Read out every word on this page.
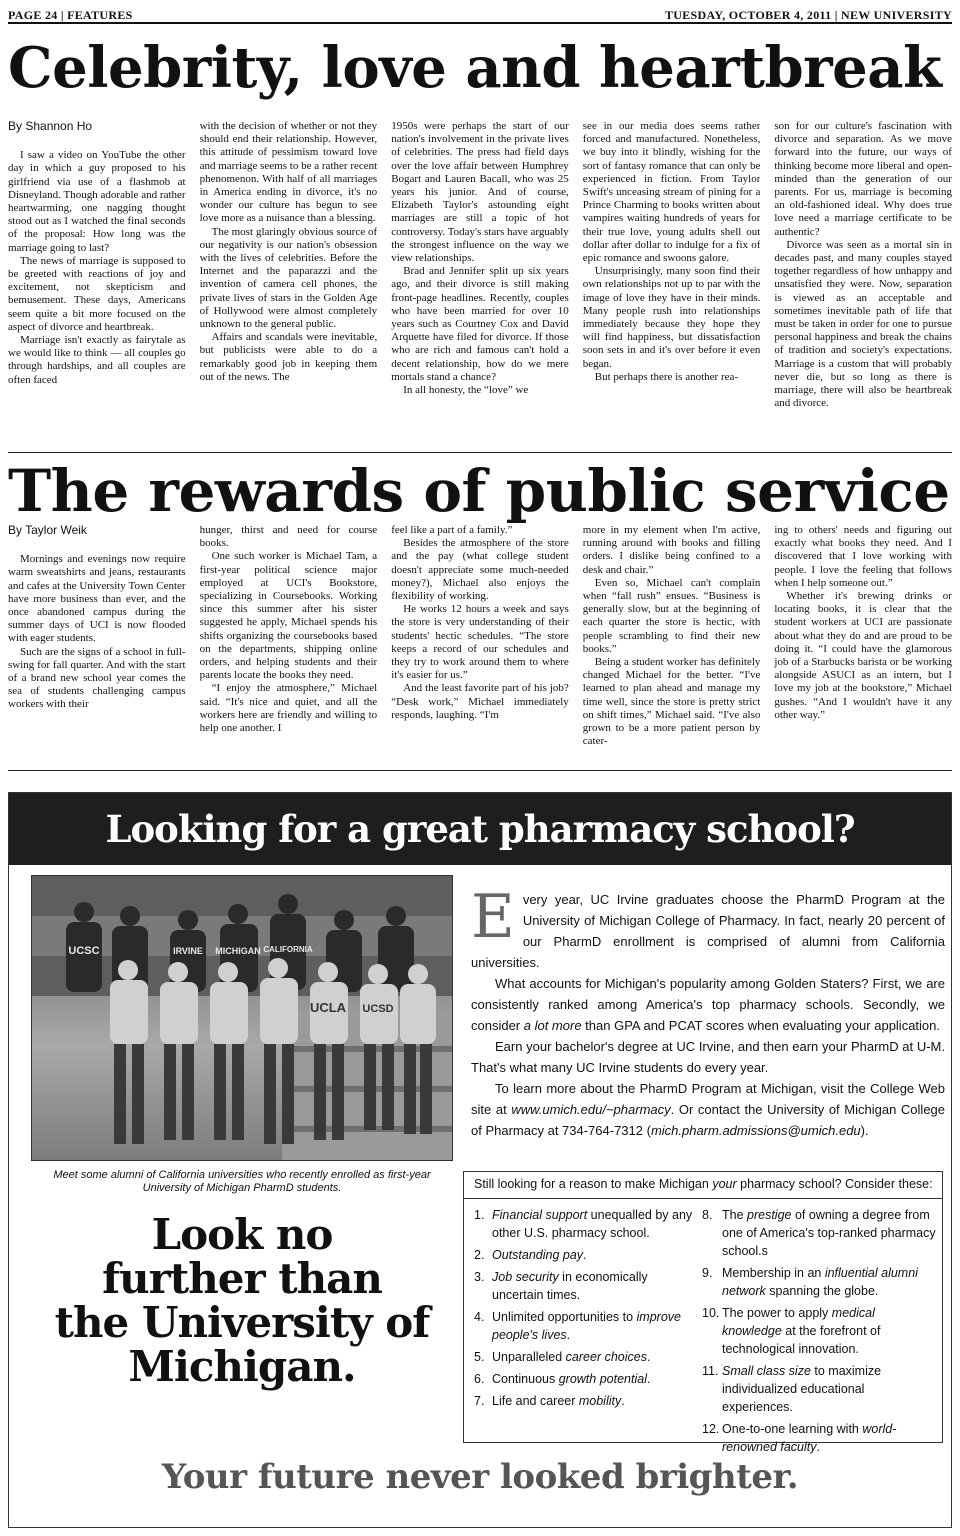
PAGE 24 | FEATURES	TUESDAY, OCTOBER 4, 2011 | NEW UNIVERSITY
Celebrity, love and heartbreak
By Shannon Ho

I saw a video on YouTube the other day in which a guy proposed to his girlfriend via use of a flashmob at Disneyland. Though adorable and rather heartwarming, one nagging thought stood out as I watched the final seconds of the proposal: How long was the marriage going to last?

The news of marriage is supposed to be greeted with reactions of joy and excitement, not skepticism and bemusement. These days, Americans seem quite a bit more focused on the aspect of divorce and heartbreak.

Marriage isn't exactly as fairytale as we would like to think — all couples go through hardships, and all couples are often faced

with the decision of whether or not they should end their relationship. However, this attitude of pessimism toward love and marriage seems to be a rather recent phenomenon. With half of all marriages in America ending in divorce, it's no wonder our culture has begun to see love more as a nuisance than a blessing.

The most glaringly obvious source of our negativity is our nation's obsession with the lives of celebrities. Before the Internet and the paparazzi and the invention of camera cell phones, the private lives of stars in the Golden Age of Hollywood were almost completely unknown to the general public.

Affairs and scandals were inevitable, but publicists were able to do a remarkably good job in keeping them out of the news. The

1950s were perhaps the start of our nation's involvement in the private lives of celebrities. The press had field days over the love affair between Humphrey Bogart and Lauren Bacall, who was 25 years his junior. And of course, Elizabeth Taylor's astounding eight marriages are still a topic of hot controversy. Today's stars have arguably the strongest influence on the way we view relationships.

Brad and Jennifer split up six years ago, and their divorce is still making front-page headlines. Recently, couples who have been married for over 10 years such as Courtney Cox and David Arquette have filed for divorce. If those who are rich and famous can't hold a decent relationship, how do we mere mortals stand a chance?

In all honesty, the “love” we

see in our media does seems rather forced and manufactured. Nonetheless, we buy into it blindly, wishing for the sort of fantasy romance that can only be experienced in fiction. From Taylor Swift's unceasing stream of pining for a Prince Charming to books written about vampires waiting hundreds of years for their true love, young adults shell out dollar after dollar to indulge for a fix of epic romance and swoons galore.

Unsurprisingly, many soon find their own relationships not up to par with the image of love they have in their minds. Many people rush into relationships immediately because they hope they will find happiness, but dissatisfaction soon sets in and it's over before it even began.

But perhaps there is another rea-

son for our culture's fascination with divorce and separation. As we move forward into the future, our ways of thinking become more liberal and open-minded than the generation of our parents. For us, marriage is becoming an old-fashioned ideal. Why does true love need a marriage certificate to be authentic?

Divorce was seen as a mortal sin in decades past, and many couples stayed together regardless of how unhappy and unsatisfied they were. Now, separation is viewed as an acceptable and sometimes inevitable path of life that must be taken in order for one to pursue personal happiness and break the chains of tradition and society's expectations. Marriage is a custom that will probably never die, but so long as there is marriage, there will also be heartbreak and divorce.

The rewards of public service
By Taylor Weik

Mornings and evenings now require warm sweatshirts and jeans, restaurants and cafes at the University Town Center have more business than ever, and the once abandoned campus during the summer days of UCI is now flooded with eager students.

Such are the signs of a school in full-swing for fall quarter. And with the start of a brand new school year comes the sea of students challenging campus workers with their

hunger, thirst and need for course books.

One such worker is Michael Tam, a first-year political science major employed at UCI's Bookstore, specializing in Coursebooks. Working since this summer after his sister suggested he apply, Michael spends his shifts organizing the coursebooks based on the departments, shipping online orders, and helping students and their parents locate the books they need.

“I enjoy the atmosphere,” Michael said. “It's nice and quiet, and all the workers here are friendly and willing to help one another. I

feel like a part of a family.”

Besides the atmosphere of the store and the pay (what college student doesn't appreciate some much-needed money?), Michael also enjoys the flexibility of working.

He works 12 hours a week and says the store is very understanding of their students' hectic schedules. “The store keeps a record of our schedules and they try to work around them to where it's easier for us.”

And the least favorite part of his job? “Desk work,” Michael immediately responds, laughing. “I'm

more in my element when I'm active, running around with books and filling orders. I dislike being confined to a desk and chair.”

Even so, Michael can't complain when “fall rush” ensues. “Business is generally slow, but at the beginning of each quarter the store is hectic, with people scrambling to find their new books.”

Being a student worker has definitely changed Michael for the better. “I've learned to plan ahead and manage my time well, since the store is pretty strict on shift times,” Michael said. “I've also grown to be a more patient person by cater-

ing to others' needs and figuring out exactly what books they need. And I discovered that I love working with people. I love the feeling that follows when I help someone out.”

Whether it's brewing drinks or locating books, it is clear that the student workers at UCI are passionate about what they do and are proud to be doing it. “I could have the glamorous job of a Starbucks barista or be working alongside ASUCI as an intern, but I love my job at the bookstore,” Michael gushes. “And I wouldn't have it any other way.”

Looking for a great pharmacy school?
UCSC	MICHIGAN
IRVINE
UCLA UCSD
CALIFORNIA
Meet some alumni of California universities who recently enrolled as first-year University of Michigan PharmD students.
Look no
further than
the University of
Michigan.

Every year, UC Irvine graduates choose the PharmD Program at the University of Michigan College of Pharmacy. In fact, nearly 20 percent of our PharmD enrollment is comprised of alumni from California universities.

What accounts for Michigan's popularity among Golden Staters? First, we are consistently ranked among America's top pharmacy schools. Secondly, we consider a lot more than GPA and PCAT scores when evaluating your application.

Earn your bachelor's degree at UC Irvine, and then earn your PharmD at U-M. That's what many UC Irvine students do every year.

To learn more about the PharmD Program at Michigan, visit the College Web site at www.umich.edu/~pharmacy. Or contact the University of Michigan College of Pharmacy at 734-764-7312 (mich.pharm.admissions@umich.edu).

Still looking for a reason to make Michigan your pharmacy school? Consider these:
1. Financial support unequalled by any other U.S. pharmacy school.
2. Outstanding pay.
3. Job security in economically uncertain times.
4. Unlimited opportunities to improve people's lives.
5. Unparalleled career choices.
6. Continuous growth potential.
7. Life and career mobility.
8. The prestige of owning a degree from one of America's top-ranked pharmacy school.s
9. Membership in an influential alumni network spanning the globe.
10. The power to apply medical knowledge at the forefront of technological innovation.
11. Small class size to maximize individualized educational experiences.
12. One-to-one learning with world-renowned faculty.
Your future never looked brighter.
